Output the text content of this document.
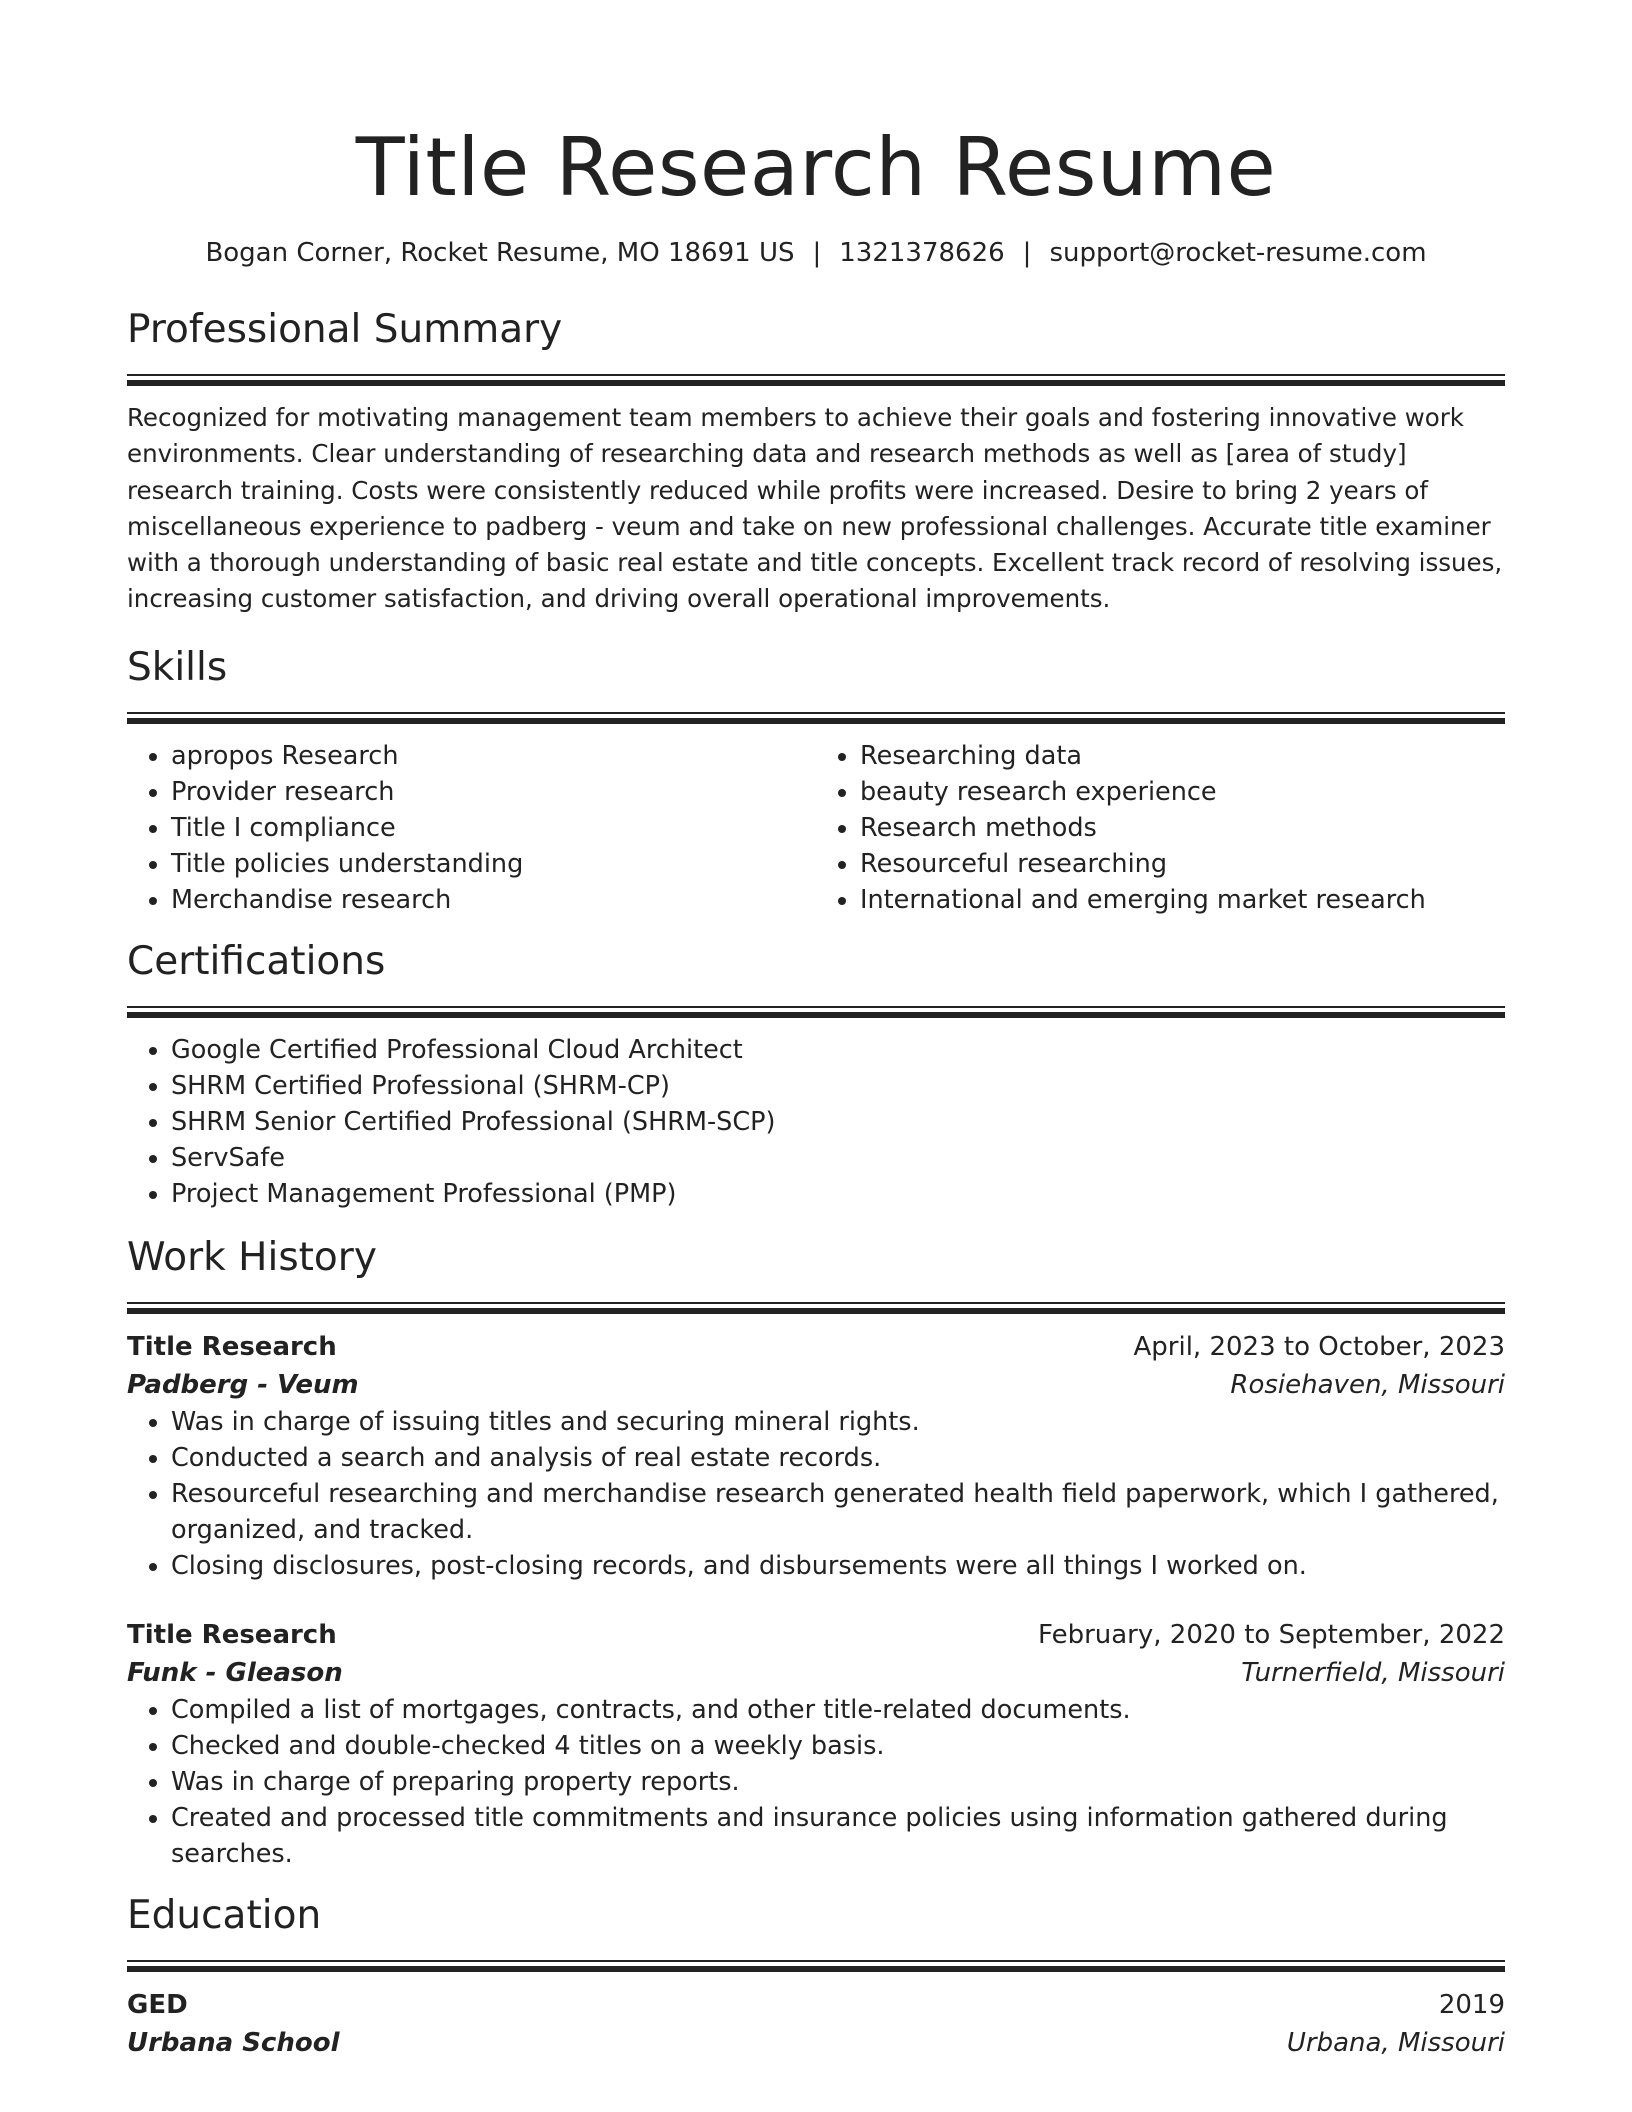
Title Research Resume
Bogan Corner, Rocket Resume, MO 18691 US | 1321378626 | support@rocket-resume.com
Professional Summary
Recognized for motivating management team members to achieve their goals and fostering innovative work environments. Clear understanding of researching data and research methods as well as [area of study] research training. Costs were consistently reduced while profits were increased. Desire to bring 2 years of miscellaneous experience to padberg - veum and take on new professional challenges. Accurate title examiner with a thorough understanding of basic real estate and title concepts. Excellent track record of resolving issues, increasing customer satisfaction, and driving overall operational improvements.
Skills
• apropos Research
• Provider research
• Title I compliance
• Title policies understanding
• Merchandise research
• Researching data
• beauty research experience
• Research methods
• Resourceful researching
• International and emerging market research
Certifications
• Google Certified Professional Cloud Architect
• SHRM Certified Professional (SHRM-CP)
• SHRM Senior Certified Professional (SHRM-SCP)
• ServSafe
• Project Management Professional (PMP)
Work History
Title Research	April, 2023 to October, 2023
Padberg - Veum	Rosiehaven, Missouri
• Was in charge of issuing titles and securing mineral rights.
• Conducted a search and analysis of real estate records.
• Resourceful researching and merchandise research generated health field paperwork, which I gathered, organized, and tracked.
• Closing disclosures, post-closing records, and disbursements were all things I worked on.
Title Research	February, 2020 to September, 2022
Funk - Gleason	Turnerfield, Missouri
• Compiled a list of mortgages, contracts, and other title-related documents.
• Checked and double-checked 4 titles on a weekly basis.
• Was in charge of preparing property reports.
• Created and processed title commitments and insurance policies using information gathered during searches.
Education
GED	2019
Urbana School	Urbana, Missouri
